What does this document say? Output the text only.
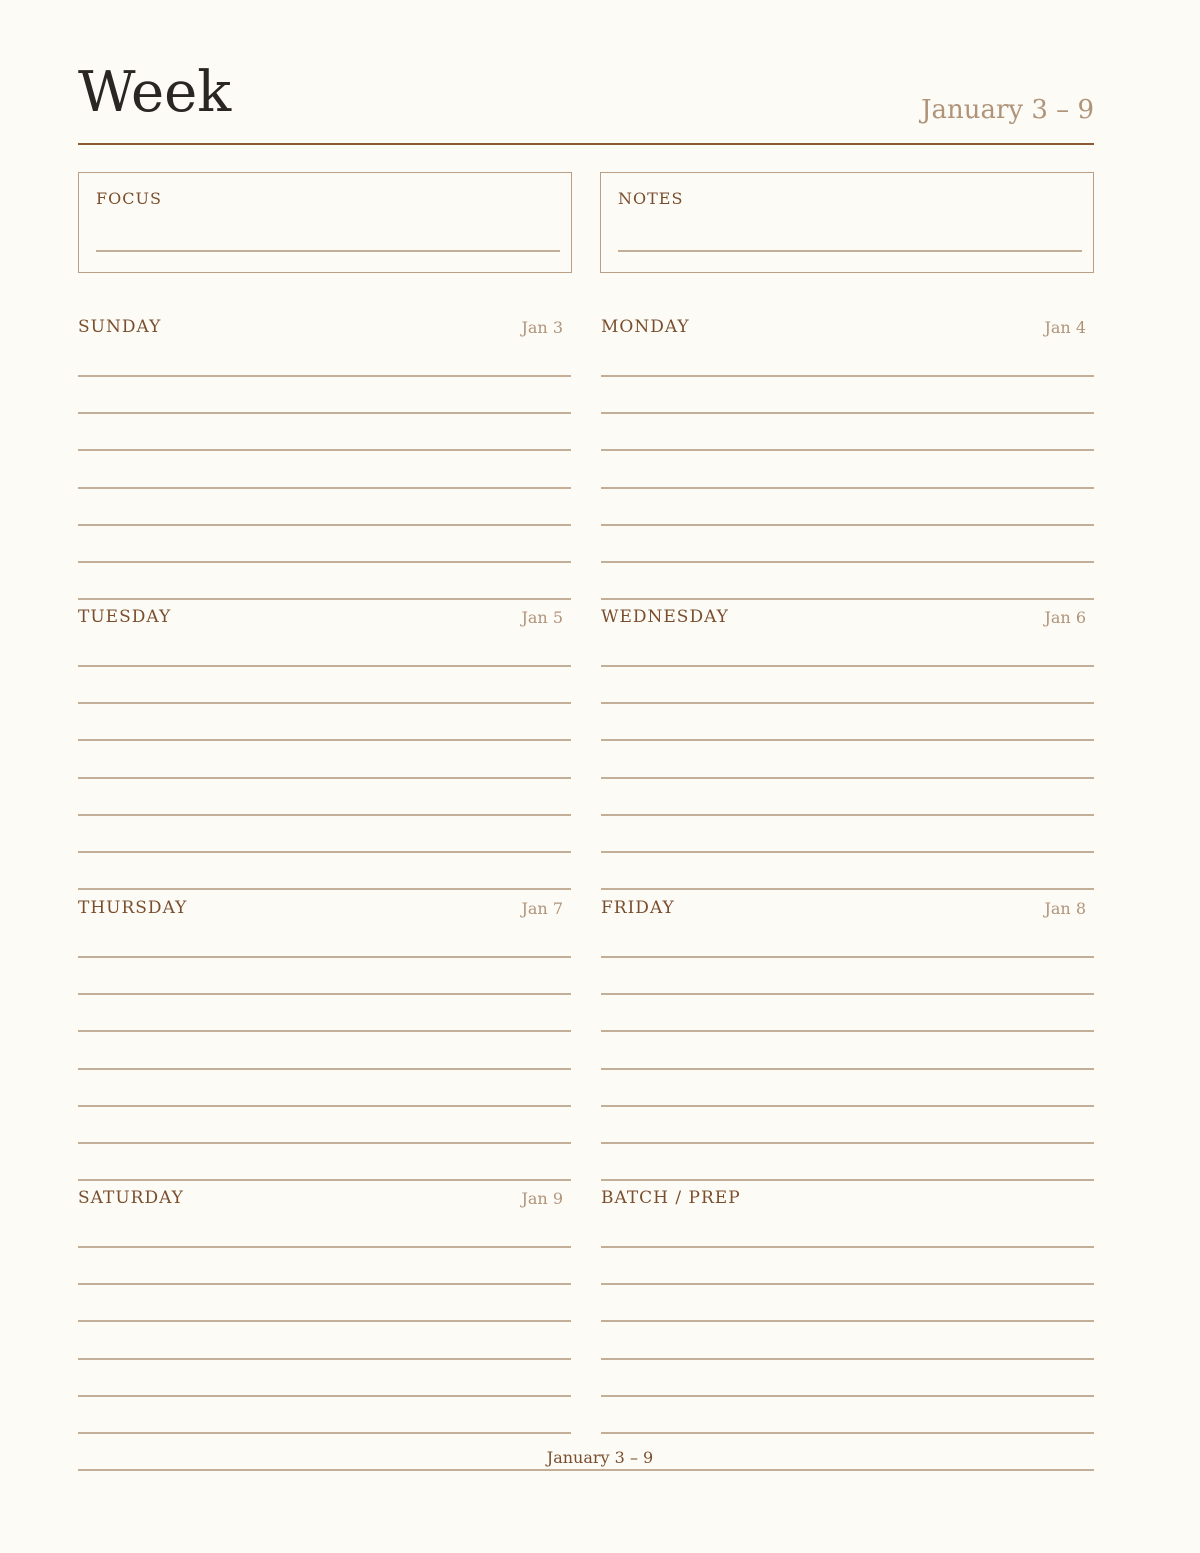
Week	January 3 – 9
FOCUS	NOTES
SUNDAY	Jan 3 MONDAY	Jan 4
TUESDAY	Jan 5 WEDNESDAY	Jan 6
THURSDAY	Jan 7 FRIDAY	Jan 8
SATURDAY	Jan 9 BATCH / PREP
January 3 – 9
